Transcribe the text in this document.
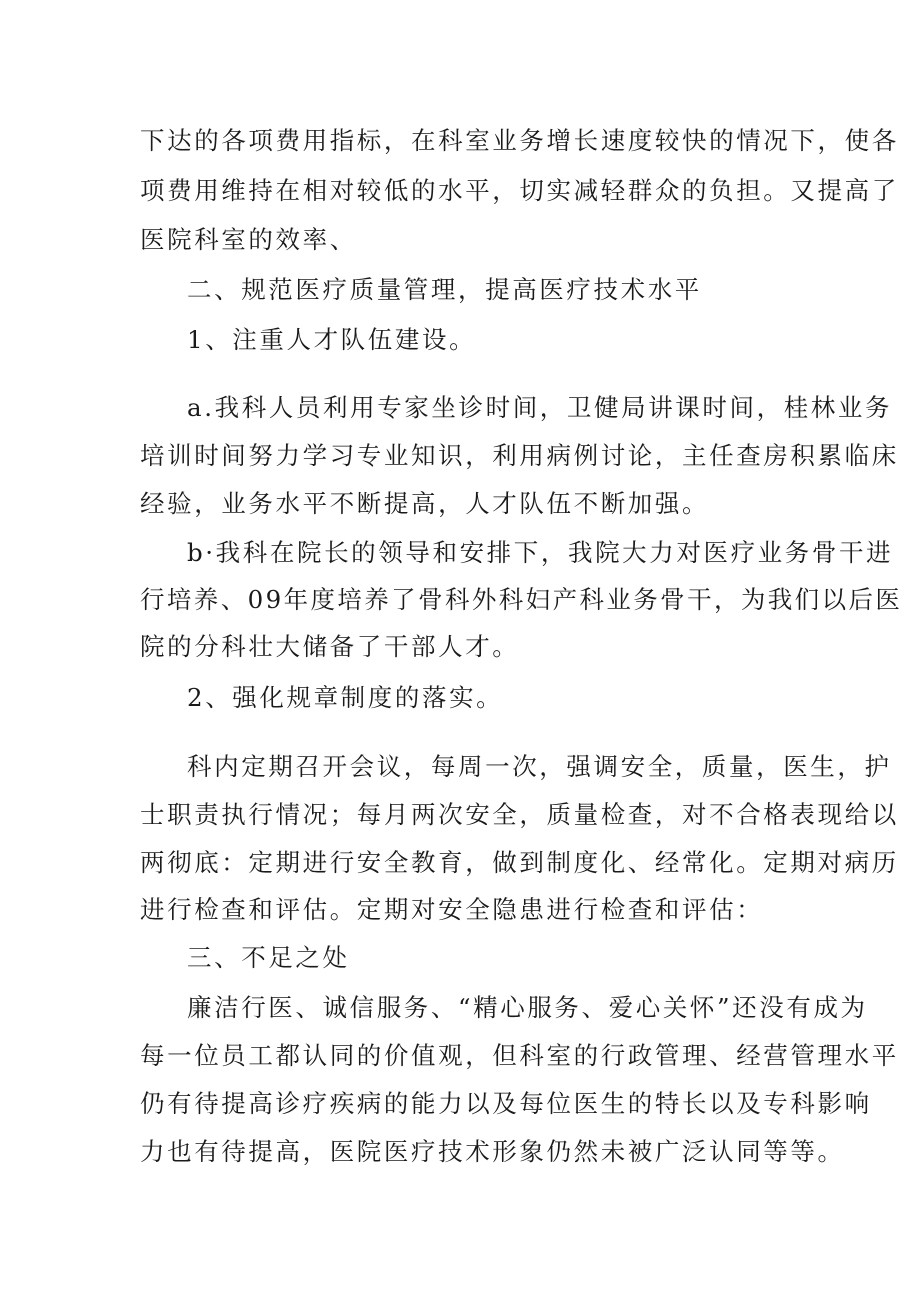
下达的各项费用指标，在科室业务增长速度较快的情况下，使各
项费用维持在相对较低的水平，切实减轻群众的负担。又提高了
医院科室的效率、
二、规范医疗质量管理，提高医疗技术水平
1、注重人才队伍建设。
a.我科人员利用专家坐诊时间，卫健局讲课时间，桂林业务
培训时间努力学习专业知识，利用病例讨论，主任查房积累临床
经验，业务水平不断提高，人才队伍不断加强。
b·我科在院长的领导和安排下，我院大力对医疗业务骨干进
行培养、09年度培养了骨科外科妇产科业务骨干，为我们以后医
院的分科壮大储备了干部人才。
2、强化规章制度的落实。
科内定期召开会议，每周一次，强调安全，质量，医生，护
士职责执行情况；每月两次安全，质量检查，对不合格表现给以
两彻底：定期进行安全教育，做到制度化、经常化。定期对病历
进行检查和评估。定期对安全隐患进行检查和评估：
三、不足之处
廉洁行医、诚信服务、“精心服务、爱心关怀”还没有成为
每一位员工都认同的价值观，但科室的行政管理、经营管理水平
仍有待提高诊疗疾病的能力以及每位医生的特长以及专科影响
力也有待提高，医院医疗技术形象仍然未被广泛认同等等。
